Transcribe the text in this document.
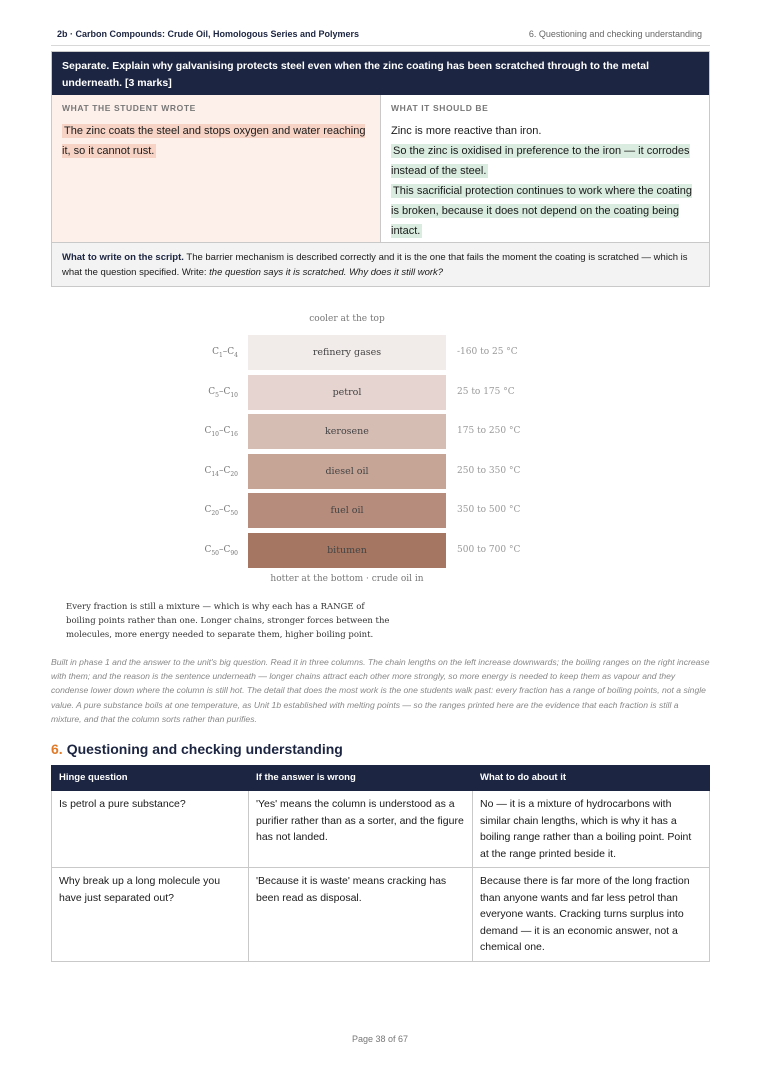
2b · Carbon Compounds: Crude Oil, Homologous Series and Polymers	6. Questioning and checking understanding
Separate. Explain why galvanising protects steel even when the zinc coating has been scratched through to the metal underneath. [3 marks]
WHAT THE STUDENT WROTE
The zinc coats the steel and stops oxygen and water reaching it, so it cannot rust.
WHAT IT SHOULD BE

Zinc is more reactive than iron.

So the zinc is oxidised in preference to the iron — it corrodes instead of the steel.

This sacrificial protection continues to work where the coating is broken, because it does not depend on the coating being intact.

What to write on the script. The barrier mechanism is described correctly and it is the one that fails the moment the coating is scratched — which is what the question specified. Write: the question says it is scratched. Why does it still work?
cooler at the top
hotter at the bottom · crude oil in
$C_1-C_4$	refinery gases	-160 to 25 °C
$C_5-C_{10}$	petrol	25 to 175 °C
$C_{10}-C_{16}$	kerosene	175 to 250 °C
$C_{14}-C_{20}$	diesel oil	250 to 350 °C
$C_{20}-C_{50}$	fuel oil	350 to 500 °C
$C_{50}-C_{90}$	bitumen	500 to 700 °C

Every fraction is still a mixture — which is why each has a RANGE of boiling points rather than one. Longer chains, stronger forces between the molecules, more energy needed to separate them, higher boiling point.

Built in phase 1 and the answer to the unit's big question. Read it in three columns. The chain lengths on the left increase downwards; the boiling ranges on the right increase with them; and the reason is the sentence underneath — longer chains attract each other more strongly, so more energy is needed to keep them as vapour and they condense lower down where the column is still hot. The detail that does the most work is the one students walk past: every fraction has a range of boiling points, not a single value. A pure substance boils at one temperature, as Unit 1b established with melting points — so the ranges printed here are the evidence that each fraction is still a mixture, and that the column sorts rather than purifies.

6. Questioning and checking understanding
Hinge question	If the answer is wrong	What to do about it
Is petrol a pure substance?	'Yes' means the column is understood as a purifier rather than as a sorter, and the figure has not landed.	No — it is a mixture of hydrocarbons with similar chain lengths, which is why it has a boiling range rather than a boiling point. Point at the range printed beside it.
Why break up a long molecule you have just separated out?	'Because it is waste' means cracking has been read as disposal.	Because there is far more of the long fraction than anyone wants and far less petrol than everyone wants. Cracking turns surplus into demand — it is an economic answer, not a chemical one.
Page 38 of 67
